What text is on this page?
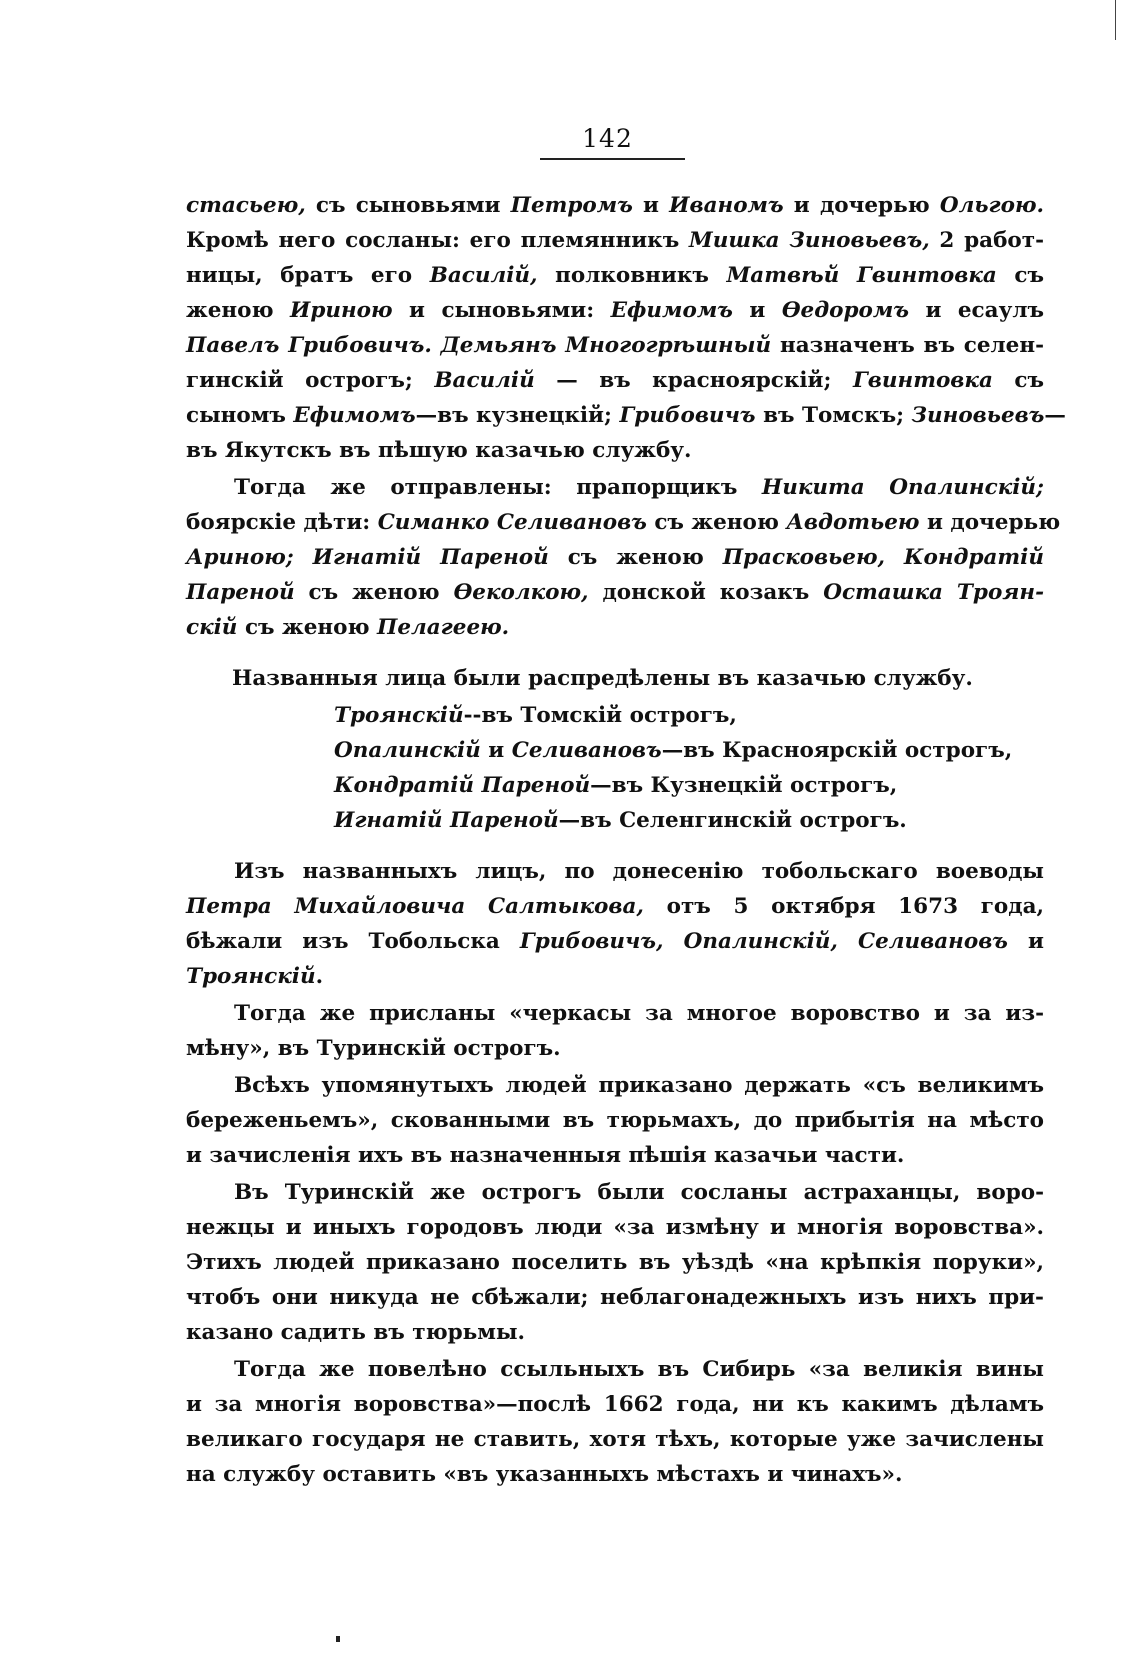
142
стасьею, съ сыновьями Петромъ и Иваномъ и дочерью Ольгою.
Кромѣ него сосланы: его племянникъ Мишка Зиновьевъ, 2 работ-
ницы, братъ его Василій, полковникъ Матвѣй Гвинтовка съ
женою Ириною и сыновьями: Ефимомъ и Ѳедоромъ и есаулъ
Павелъ Грибовичъ. Демьянъ Многогрѣшный назначенъ въ селен-
гинскій острогъ; Василій — въ красноярскій; Гвинтовка съ
сыномъ Ефимомъ—въ кузнецкій; Грибовичъ въ Томскъ; Зиновьевъ—
въ Якутскъ въ пѣшую казачью службу.
Тогда же отправлены: прапорщикъ Никита Опалинскій;
боярскіе дѣти: Симанко Селивановъ съ женою Авдотьею и дочерью
Ариною; Игнатій Пареной съ женою Прасковьею, Кондратій
Пареной съ женою Ѳеколкою, донской козакъ Осташка Троян-
скій съ женою Пелагеею.
Названныя лица были распредѣлены въ казачью службу.
Троянскій--въ Томскій острогъ,
Опалинскій и Селивановъ—въ Красноярскій острогъ,
Кондратій Пареной—въ Кузнецкій острогъ,
Игнатій Пареной—въ Селенгинскій острогъ.
Изъ названныхъ лицъ, по донесенію тобольскаго воеводы
Петра Михайловича Салтыкова, отъ 5 октября 1673 года,
бѣжали изъ Тобольска Грибовичъ, Опалинскій, Селивановъ и
Троянскій.
Тогда же присланы «черкасы за многое воровство и за из-
мѣну», въ Туринскій острогъ.
Всѣхъ упомянутыхъ людей приказано держать «съ великимъ
береженьемъ», скованными въ тюрьмахъ, до прибытія на мѣсто
и зачисленія ихъ въ назначенныя пѣшія казачьи части.
Въ Туринскій же острогъ были сосланы астраханцы, воро-
нежцы и иныхъ городовъ люди «за измѣну и многія воровства».
Этихъ людей приказано поселить въ уѣздѣ «на крѣпкія поруки»,
чтобъ они никуда не сбѣжали; неблагонадежныхъ изъ нихъ при-
казано садить въ тюрьмы.
Тогда же повелѣно ссыльныхъ въ Сибирь «за великія вины
и за многія воровства»—послѣ 1662 года, ни къ какимъ дѣламъ
великаго государя не ставить, хотя тѣхъ, которые уже зачислены
на службу оставить «въ указанныхъ мѣстахъ и чинахъ».
